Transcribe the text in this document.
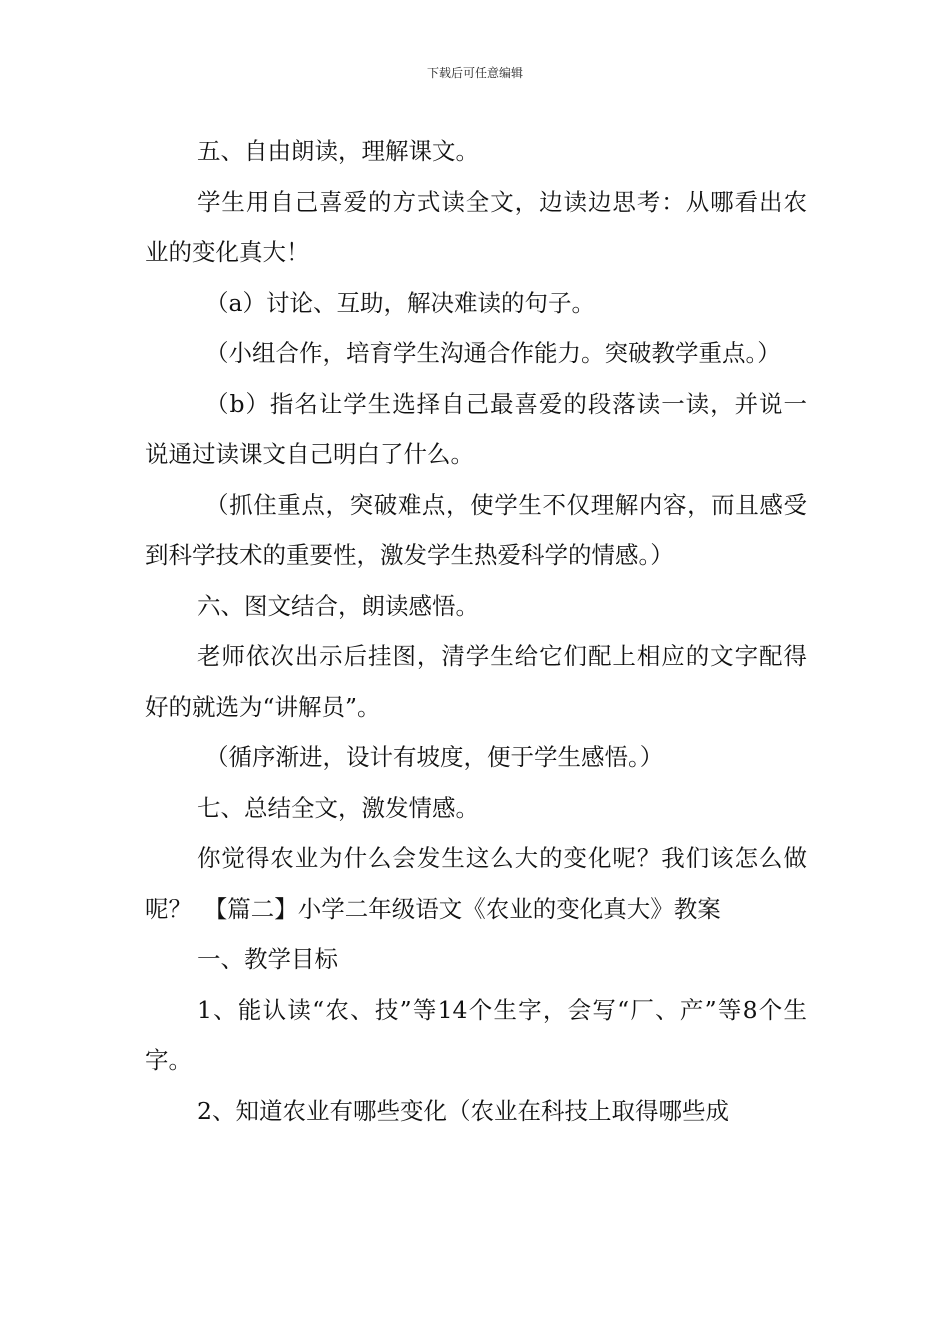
下载后可任意编辑

五、自由朗读，理解课文。

学生用自己喜爱的方式读全文，边读边思考：从哪看出农业的变化真大！

（a）讨论、互助，解决难读的句子。

（小组合作，培育学生沟通合作能力。突破教学重点。）

（b）指名让学生选择自己最喜爱的段落读一读，并说一说通过读课文自己明白了什么。

（抓住重点，突破难点，使学生不仅理解内容，而且感受到科学技术的重要性，激发学生热爱科学的情感。）

六、图文结合，朗读感悟。

老师依次出示后挂图，清学生给它们配上相应的文字配得好的就选为“讲解员”。

（循序渐进，设计有坡度，便于学生感悟。）

七、总结全文，激发情感。

你觉得农业为什么会发生这么大的变化呢？我们该怎么做呢？　【篇二】小学二年级语文《农业的变化真大》教案

一、教学目标

1、能认读“农、技”等14个生字，会写“厂、产”等8个生字。

2、知道农业有哪些变化（农业在科技上取得哪些成
